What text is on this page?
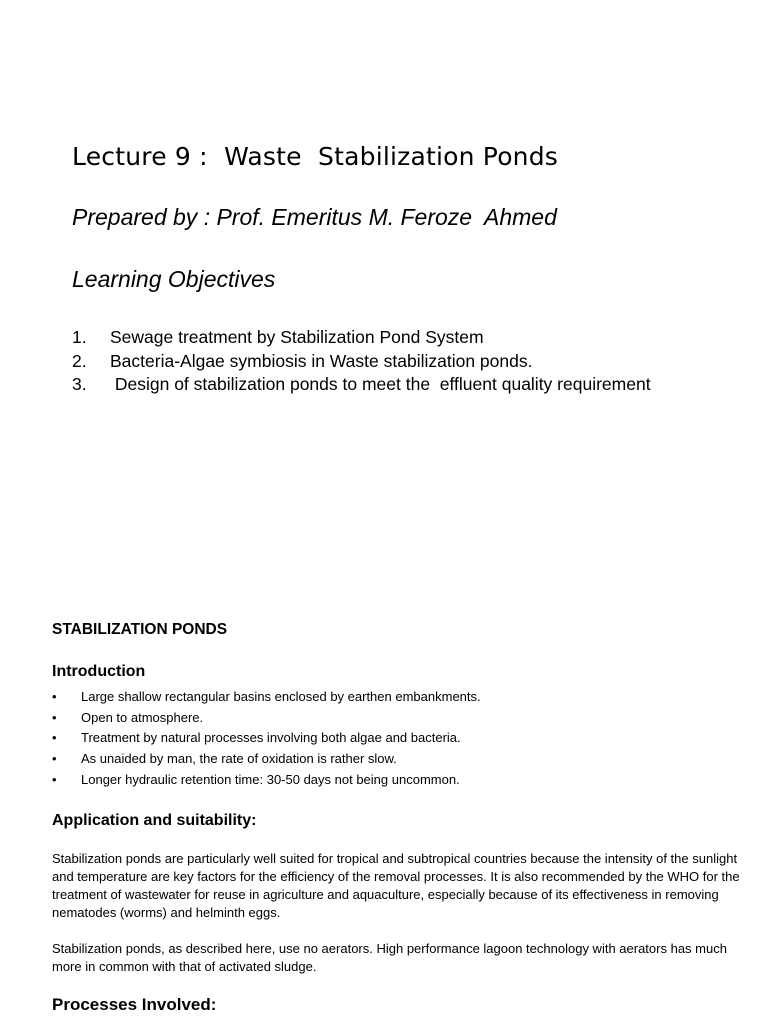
Lecture 9 :  Waste  Stabilization Ponds
Prepared by : Prof. Emeritus M. Feroze  Ahmed
Learning Objectives
1.	Sewage treatment by Stabilization Pond System
2.	Bacteria-Algae symbiosis in Waste stabilization ponds.
3.	Design of stabilization ponds to meet the  effluent quality requirement
STABILIZATION PONDS
Introduction
•	Large shallow rectangular basins enclosed by earthen embankments.
•	Open to atmosphere.
•	Treatment by natural processes involving both algae and bacteria.
•	As unaided by man, the rate of oxidation is rather slow.
•	Longer hydraulic retention time: 30-50 days not being uncommon.
Application and suitability:

Stabilization ponds are particularly well suited for tropical and subtropical countries because the intensity of the sunlight and temperature are key factors for the efficiency of the removal processes. It is also recommended by the WHO for the treatment of wastewater for reuse in agriculture and aquaculture, especially because of its effectiveness in removing nematodes (worms) and helminth eggs.

Stabilization ponds, as described here, use no aerators. High performance lagoon technology with aerators has much more in common with that of activated sludge.

Processes Involved:
